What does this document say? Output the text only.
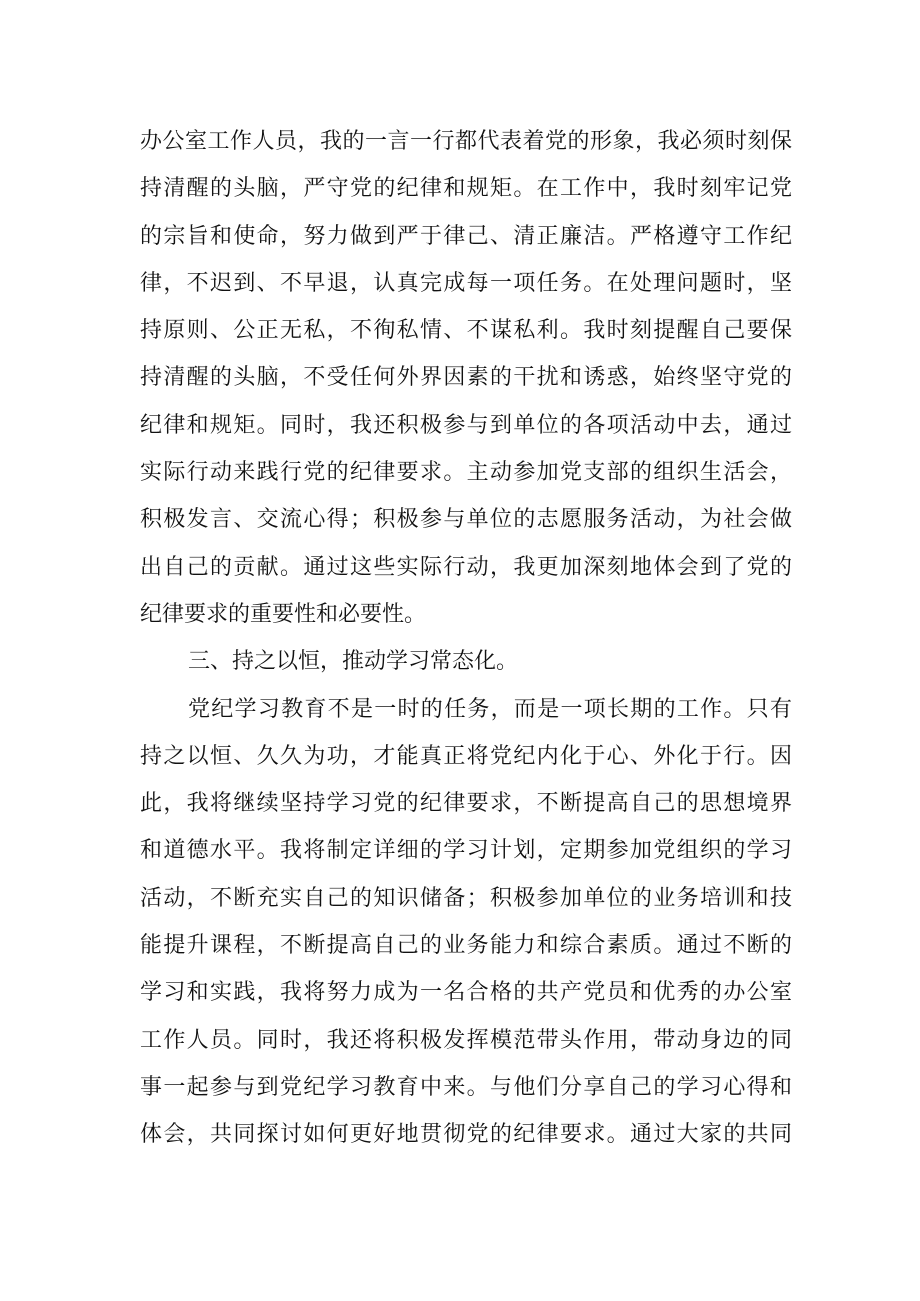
办公室工作人员，我的一言一行都代表着党的形象，我必须时刻保
持清醒的头脑，严守党的纪律和规矩。在工作中，我时刻牢记党
的宗旨和使命，努力做到严于律己、清正廉洁。严格遵守工作纪
律，不迟到、不早退，认真完成每一项任务。在处理问题时，坚
持原则、公正无私，不徇私情、不谋私利。我时刻提醒自己要保
持清醒的头脑，不受任何外界因素的干扰和诱惑，始终坚守党的
纪律和规矩。同时，我还积极参与到单位的各项活动中去，通过
实际行动来践行党的纪律要求。主动参加党支部的组织生活会，
积极发言、交流心得；积极参与单位的志愿服务活动，为社会做
出自己的贡献。通过这些实际行动，我更加深刻地体会到了党的
纪律要求的重要性和必要性。
三、持之以恒，推动学习常态化。
党纪学习教育不是一时的任务，而是一项长期的工作。只有
持之以恒、久久为功，才能真正将党纪内化于心、外化于行。因
此，我将继续坚持学习党的纪律要求，不断提高自己的思想境界
和道德水平。我将制定详细的学习计划，定期参加党组织的学习
活动，不断充实自己的知识储备；积极参加单位的业务培训和技
能提升课程，不断提高自己的业务能力和综合素质。通过不断的
学习和实践，我将努力成为一名合格的共产党员和优秀的办公室
工作人员。同时，我还将积极发挥模范带头作用，带动身边的同
事一起参与到党纪学习教育中来。与他们分享自己的学习心得和
体会，共同探讨如何更好地贯彻党的纪律要求。通过大家的共同
